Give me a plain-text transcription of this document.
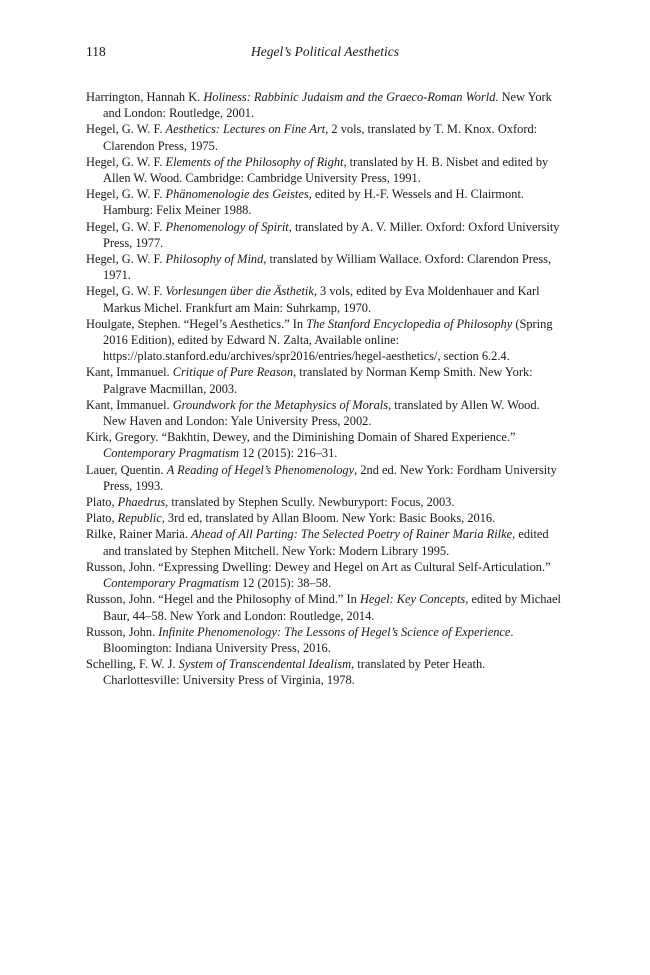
118	Hegel’s Political Aesthetics

Harrington, Hannah K. Holiness: Rabbinic Judaism and the Graeco-Roman World. New York and London: Routledge, 2001.

Hegel, G. W. F. Aesthetics: Lectures on Fine Art, 2 vols, translated by T. M. Knox. Oxford: Clarendon Press, 1975.

Hegel, G. W. F. Elements of the Philosophy of Right, translated by H. B. Nisbet and edited by Allen W. Wood. Cambridge: Cambridge University Press, 1991.

Hegel, G. W. F. Phänomenologie des Geistes, edited by H.-F. Wessels and H. Clairmont. Hamburg: Felix Meiner 1988.

Hegel, G. W. F. Phenomenology of Spirit, translated by A. V. Miller. Oxford: Oxford University Press, 1977.

Hegel, G. W. F. Philosophy of Mind, translated by William Wallace. Oxford: Clarendon Press, 1971.

Hegel, G. W. F. Vorlesungen über die Ästhetik, 3 vols, edited by Eva Moldenhauer and Karl Markus Michel. Frankfurt am Main: Suhrkamp, 1970.

Houlgate, Stephen. “Hegel’s Aesthetics.” In The Stanford Encyclopedia of Philosophy (Spring 2016 Edition), edited by Edward N. Zalta, Available online: https://plato.stanford.edu/archives/spr2016/entries/hegel-aesthetics/, section 6.2.4.

Kant, Immanuel. Critique of Pure Reason, translated by Norman Kemp Smith. New York: Palgrave Macmillan, 2003.

Kant, Immanuel. Groundwork for the Metaphysics of Morals, translated by Allen W. Wood. New Haven and London: Yale University Press, 2002.

Kirk, Gregory. “Bakhtin, Dewey, and the Diminishing Domain of Shared Experience.” Contemporary Pragmatism 12 (2015): 216–31.

Lauer, Quentin. A Reading of Hegel’s Phenomenology, 2nd ed. New York: Fordham University Press, 1993.

Plato, Phaedrus, translated by Stephen Scully. Newburyport: Focus, 2003.

Plato, Republic, 3rd ed, translated by Allan Bloom. New York: Basic Books, 2016.

Rilke, Rainer Maria. Ahead of All Parting: The Selected Poetry of Rainer Maria Rilke, edited and translated by Stephen Mitchell. New York: Modern Library 1995.

Russon, John. “Expressing Dwelling: Dewey and Hegel on Art as Cultural Self-Articulation.” Contemporary Pragmatism 12 (2015): 38–58.

Russon, John. “Hegel and the Philosophy of Mind.” In Hegel: Key Concepts, edited by Michael Baur, 44–58. New York and London: Routledge, 2014.

Russon, John. Infinite Phenomenology: The Lessons of Hegel’s Science of Experience. Bloomington: Indiana University Press, 2016.

Schelling, F. W. J. System of Transcendental Idealism, translated by Peter Heath. Charlottesville: University Press of Virginia, 1978.
